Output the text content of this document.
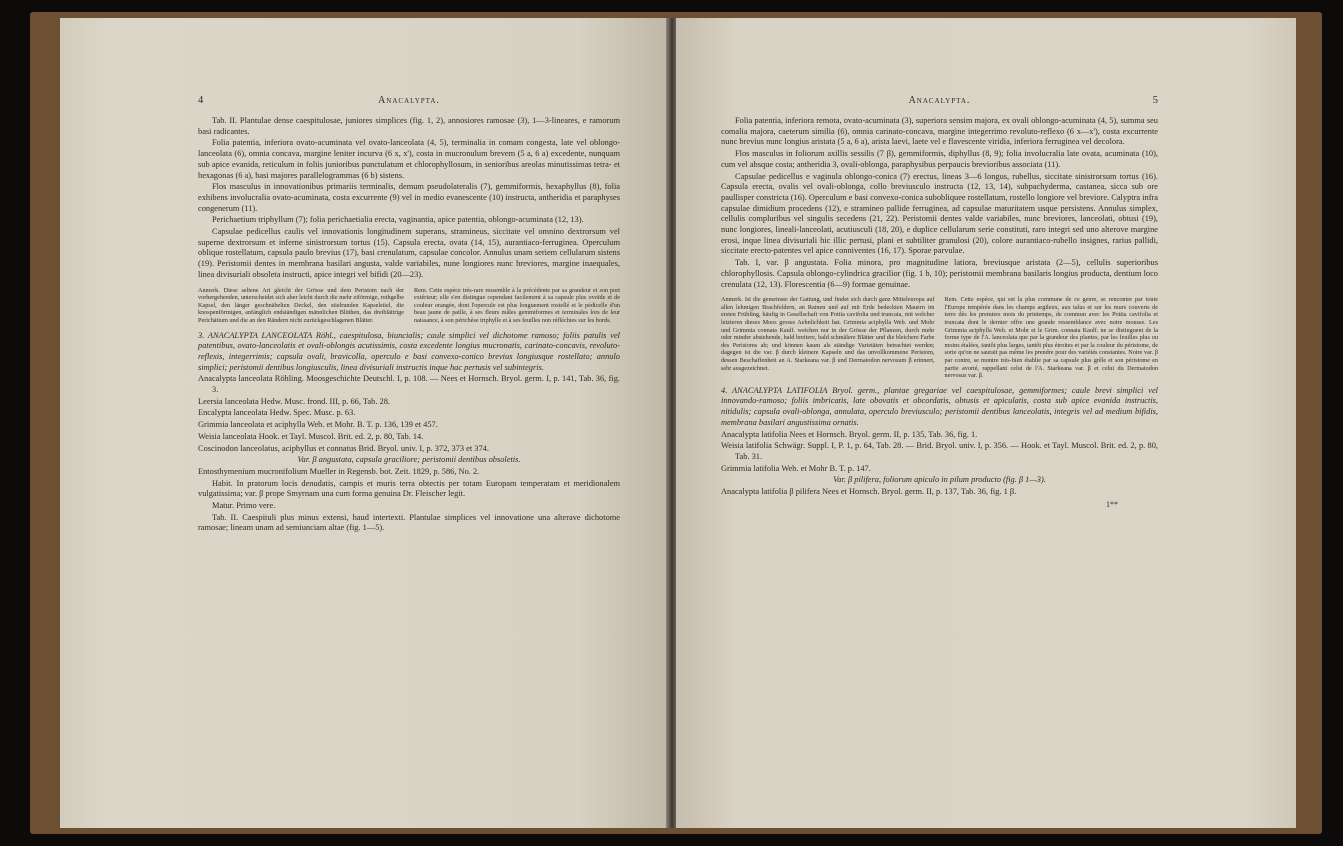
4	Anacalypta.

Tab. II. Plantulae dense caespitulosae, juniores simplices (fig. 1, 2), annosiores ramosae (3), 1—3-lineares, e ramorum basi radicantes.

Folia patentia, inferiora ovato-acuminata vel ovato-lanceolata (4, 5), terminalia in comam congesta, late vel oblongo-lanceolata (6), omnia concava, margine leniter incurva (6 x, x'), costa in mucronulum brevem (5 a, 6 a) excedente, nunquam sub apice evanida, reticulum in foliis junioribus punctulatum et chlorophyllosum, in senioribus areolas minutissimas tetra- et hexagonas (6 a), basi majores parallelogrammas (6 b) sistens.

Flos masculus in innovationibus primariis terminalis, demum pseudolateralis (7), gemmiformis, hexaphyllus (8), folia exhibens involucralia ovato-acuminata, costa excurrente (9) vel in medio evanescente (10) instructa, antheridia et paraphyses congenerum (11).

Perichaetium triphyllum (7); folia perichaetialia erecta, vaginantia, apice patentia, oblongo-acuminata (12, 13).

Capsulae pedicellus caulis vel innovationis longitudinem superans, stramineus, siccitate vel omnino dextrorsum vel superne dextrorsum et inferne sinistrorsum tortus (15). Capsula erecta, ovata (14, 15), aurantiaco-ferruginea. Operculum oblique rostellatum, capsula paulo brevius (17), basi crenulatum, capsulae concolor. Annulus unam seriem cellularum sistens (19). Peristomii dentes in membrana basilari angusta, valde variabiles, nune longiores nunc breviores, margine inaequales, linea divisuriali obsoleta instructi, apice integri vel bifidi (20—23).

Anmerk. Diese seltene Art gleicht der Grösse und dem Peristom nach der vorhergehenden, unterscheidet sich aber leicht durch die mehr eiförmige, rothgelbe Kapsel, den länger geschnäbelten Deckel, den stielrunden Kapselstiel, die knospenförmigen, anfänglich endständigen männlichen Blüthen, das dreiblättrige Perichätium und die an den Rändern nicht zurückgeschlagenen Blätter.
Rem. Cette espèce très-rare ressemble à la précédente par sa grandeur et son port extérieur; elle s'en distingue cependant facilement à sa capsule plus ovoïde et de couleur orangée, dont l'opercule est plus longuement rostellé et le pédicelle d'un beau jaune de paille, à ses fleurs mâles gemmiformes et terminales lors de leur naissance, à son périchèse triphylle et à ses feuilles non réfléchies sur les bords.

3. ANACALYPTA LANCEOLATA Röhl., caespitulosa, biuncialis; caule simplici vel dichotome ramoso; foliis patulis vel patentibus, ovato-lanceolatis et ovali-oblongis acutissimis, costa excedente longius mucronatis, carinato-concavis, revoluto-reflexis, integerrimis; capsula ovali, bravicolla, operculo e basi convexo-conico brevius longiusque rostellato; annulo simplici; peristomii dentibus longiusculis, linea divisuriali instructis inque hac pertusis vel subintegris.

Anacalypta lanceolata Röhling. Moosgeschichte Deutschl. I, p. 108. — Nees et Hornsch. Bryol. germ. I, p. 141, Tab. 36, fig. 3.

Leersia lanceolata Hedw. Musc. frond. III, p. 66, Tab. 28.

Encalypta lanceolata Hedw. Spec. Musc. p. 63.

Grimmia lanceolata et aciphylla Web. et Mohr. B. T. p. 136, 139 et 457.

Weisia lanceolata Hook. et Tayl. Muscol. Brit. ed. 2, p. 80, Tab. 14.

Coscinodon lanceolatus, aciphyllus et connatus Brid. Bryol. univ. I, p. 372, 373 et 374.

Var. β angustata, capsula graciliore; peristomii dentibus obsoletis.

Entosthymenium mucronifolium Mueller in Regensb. bot. Zeit. 1829, p. 586, No. 2.

Habit. In pratorum locis denudatis, campis et muris terra obtectis per totam Europam temperatam et meridionalem vulgatissima; var. β prope Smyrnam una cum forma genuina Dr. Fleischer legit.

Matur. Primo vere.

Tab. II. Caespituli plus minus extensi, haud intertexti. Plantulae simplices vel innovatione una alterave dichotome ramosae; lineam unam ad semiunciam altae (fig. 1—5).

Anacalypta.	5

Folia patentia, inferiora remota, ovato-acuminata (3), superiora sensim majora, ex ovali oblongo-acuminata (4, 5), summa seu comalia majora, caeterum similia (6), omnia carinato-concava, margine integerrimo revoluto-reflexo (6 x—x'), costa excurrente nunc brevius nunc longius aristata (5 a, 6 a), arista laevi, laete vel e flavescente viridia, inferiora ferruginea vel decolora.

Flos masculus in foliorum axillis sessilis (7 β), gemmiformis, diphyllus (8, 9); folia involucralia late ovata, acuminata (10), cum vel absque costa; antheridia 3, ovali-oblonga, paraphysibus perpaucis brevioribus associata (11).

Capsulae pedicellus e vaginula oblongo-conica (7) erectus, lineas 3—6 longus, rubellus, siccitate sinistrorsum tortus (16). Capsula erecta, ovalis vel ovali-oblonga, collo breviusculo instructa (12, 13, 14), subpachyderma, castanea, sicca sub ore paullisper constricta (16). Operculum e basi convexo-conica subobliqueе rostellatum, rostello longiore vel breviore. Calyptra infra capsulae dimidium procedens (12), e stramineo pallide ferruginea, ad capsulae maturitatem usque persistens. Annulus simplex, cellulis compluribus vel singulis secedens (21, 22). Peristomii dentes valde variabiles, nunc breviores, lanceolati, obtusi (19), nunc longiores, lineali-lanceolati, acutiusculi (18, 20), e duplice cellularum serie constituti, raro integri sed uno alterove margine erosi, inque linea divisuriali hic illic pertusi, plani et subtiliter granulosi (20), colore aurantiaco-rubello insignes, rarius pallidi, siccitate erecto-patentes vel apice conniventes (16, 17). Sporae parvulae.

Tab. I, var. β angustata. Folia minora, pro magnitudine latiora, breviusque aristata (2—5), cellulis superioribus chlorophyllosis. Capsula oblongo-cylindrica gracilior (fig. 1 b, 10); peristomii membrana basilaris longius producta, dentium loco crenulata (12, 13). Florescentia (6—9) formae genuinae.

Anmerk. Ist die gemeinste der Gattung, und findet sich durch ganz Mitteleuropa auf allen lehmigen Brachfeldern, an Rainen und auf mit Erde bedeckten Mauern im ersten Frühling, häufig in Gesellschaft von Pottia cavifolia und truncata, mit welcher letzteren dieses Moos grosse Aehnlichkeit hat. Grimmia aciphylla Web. und Mohr und Grimmia connata Kaulf. weichen nur in der Grösse der Pflanzen, durch mehr oder minder abstehende, bald breitere, bald schmälere Blätter und die bleichere Farbe des Peristoms ab; und können kaum als ständige Varietäten betrachtet werden; dagegen ist die var. β durch kleinere Kapseln und das unvollkommene Peristom, dessen Beschaffenheit an A. Starkeana var. β und Dermatodon nervosum β erinnert, sehr ausgezeichnet.
Rem. Cette espèce, qui est la plus commune de ce genre, se rencontre par toute l'Europe tempérée dans les champs argileux, aux talus et sur les murs couverts de terre dès les premiers mois du printemps, de commun avec les Pottia cavifolia et truncata dont le dernier offre une grande ressemblance avec notre mousse. Les Grimmia aciphylla Web. et Mohr et le Grim. connata Kaulf. ne se distinguent de la forme type de l'A. lanceolata que par la grandeur des plantes, par les feuilles plus ou moins étalées, tantôt plus larges, tantôt plus étroites et par la couleur du péristome, de sorte qu'on ne saurait pas même les prendre pour des variétés constantes. Notre var. β par contre, se montre très-bien établie par sa capsule plus grêle et son péristome en partie avorté, rappellant celui de l'A. Starkeana var. β et celui du Dermatodon nervosus var. β.

4. ANACALYPTA LATIFOLIA Bryol. germ., plantae gregariae vel caespitulosae, gemmiformes; caule brevi simplici vel innovando-ramoso; foliis imbricatis, late obovatis et obcordatis, obtusis et apiculatis, costa sub apice evanida instructis, nitidulis; capsula ovali-oblonga, annulata, operculo breviusculo; peristomii dentibus lanceolatis, integris vel ad medium bifidis, membrana basilari angustissima ornatis.

Anacalypta latifolia Nees et Hornsch. Bryol. germ. II, p. 135, Tab. 36, fig. 1.

Weisia latifolia Schwägr. Suppl. I, P. 1, p. 64, Tab. 28. — Brid. Bryol. univ. I, p. 356. — Hook. et Tayl. Muscol. Brit. ed. 2, p. 80, Tab. 31.

Grimmia latifolia Web. et Mohr B. T. p. 147.

Var. β pilifera, foliorum apiculo in pilum producto (fig. β 1—3).

Anacalypta latifolia β pilifera Nees et Hornsch. Bryol. germ. II, p. 137, Tab. 36, fig. 1 β.

1**
